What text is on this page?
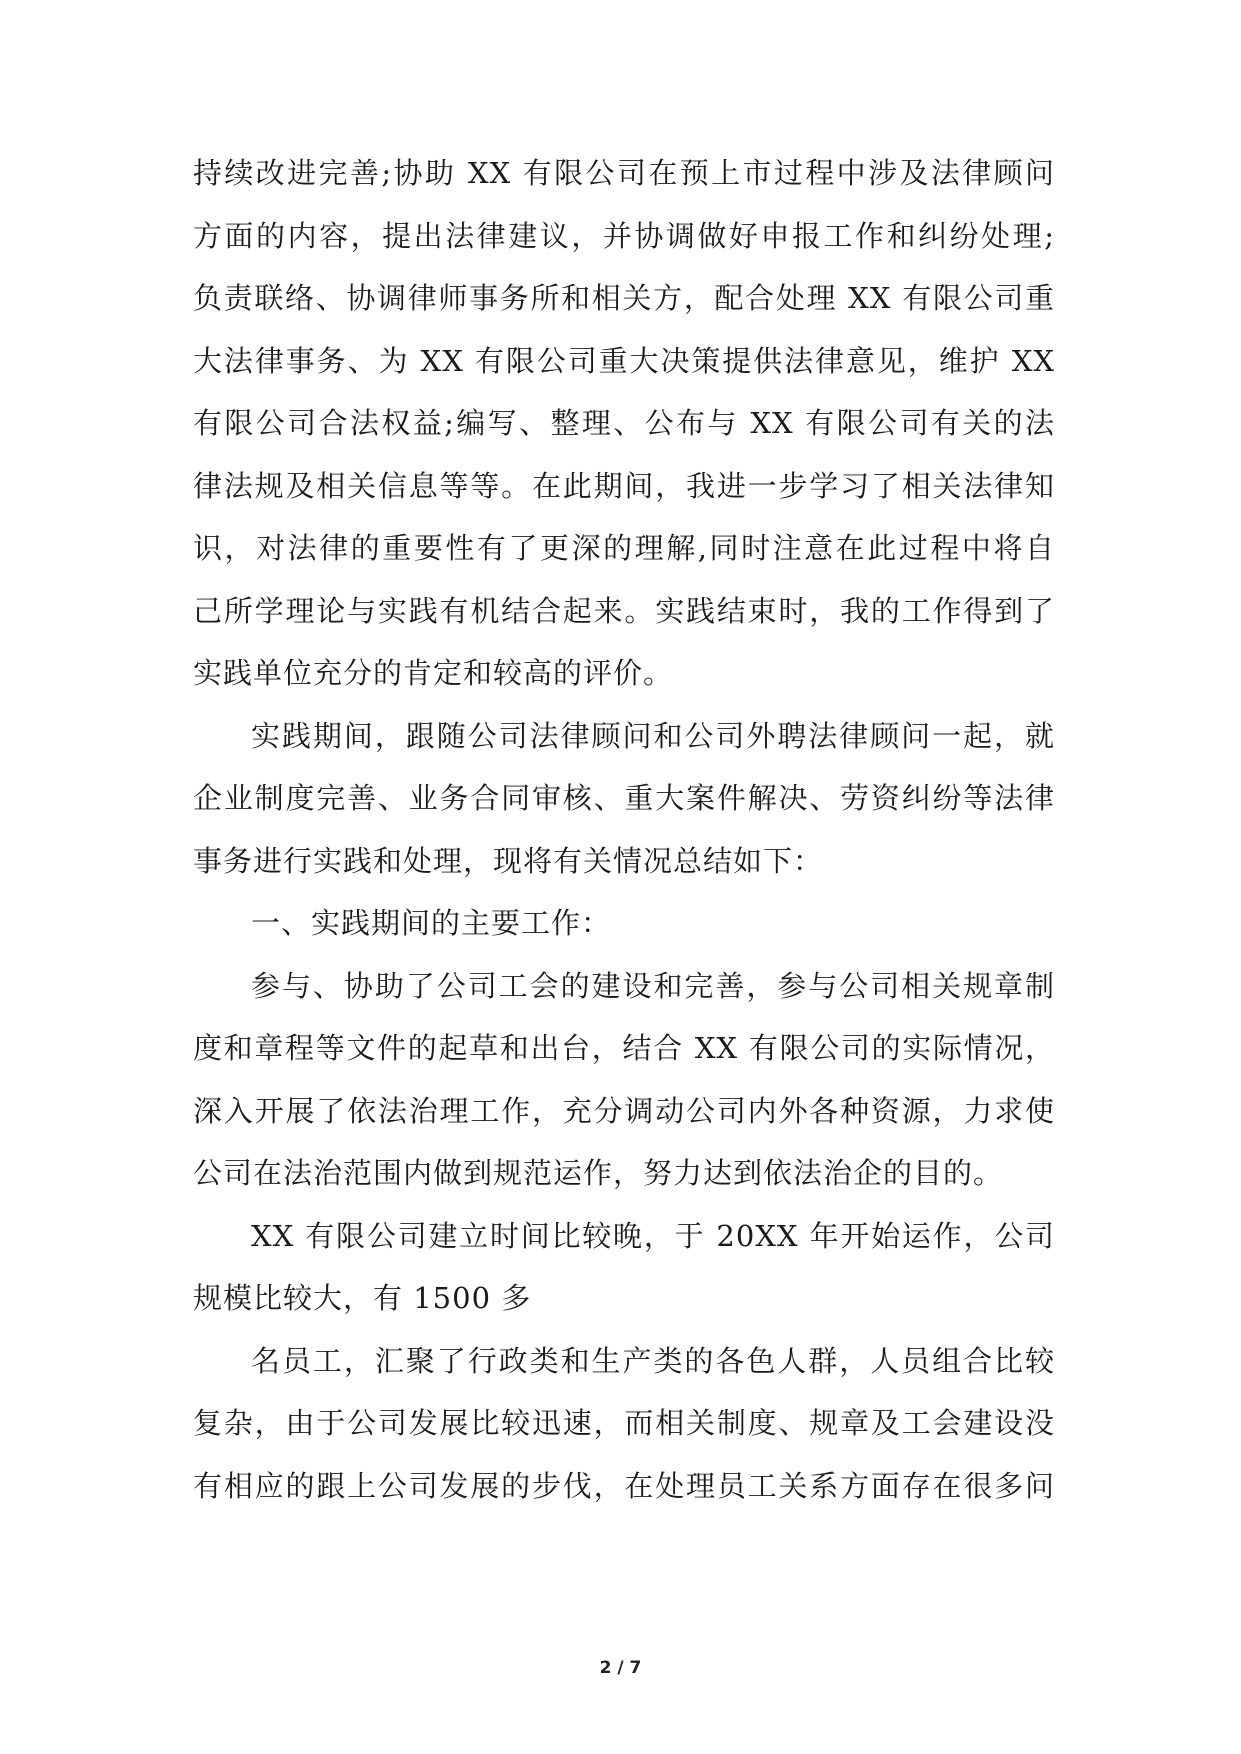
持续改进完善;协助 XX 有限公司在预上市过程中涉及法律顾问
方面的内容，提出法律建议，并协调做好申报工作和纠纷处理;
负责联络、协调律师事务所和相关方，配合处理 XX 有限公司重
大法律事务、为 XX 有限公司重大决策提供法律意见，维护 XX
有限公司合法权益;编写、整理、公布与 XX 有限公司有关的法
律法规及相关信息等等。在此期间，我进一步学习了相关法律知
识，对法律的重要性有了更深的理解,同时注意在此过程中将自
己所学理论与实践有机结合起来。实践结束时，我的工作得到了
实践单位充分的肯定和较高的评价。
实践期间，跟随公司法律顾问和公司外聘法律顾问一起，就
企业制度完善、业务合同审核、重大案件解决、劳资纠纷等法律
事务进行实践和处理，现将有关情况总结如下：
一、实践期间的主要工作：
参与、协助了公司工会的建设和完善，参与公司相关规章制
度和章程等文件的起草和出台，结合 XX 有限公司的实际情况，
深入开展了依法治理工作，充分调动公司内外各种资源，力求使
公司在法治范围内做到规范运作，努力达到依法治企的目的。
XX 有限公司建立时间比较晚，于 20XX 年开始运作，公司
规模比较大，有 1500 多
名员工，汇聚了行政类和生产类的各色人群，人员组合比较
复杂，由于公司发展比较迅速，而相关制度、规章及工会建设没
有相应的跟上公司发展的步伐，在处理员工关系方面存在很多问
2 / 7
